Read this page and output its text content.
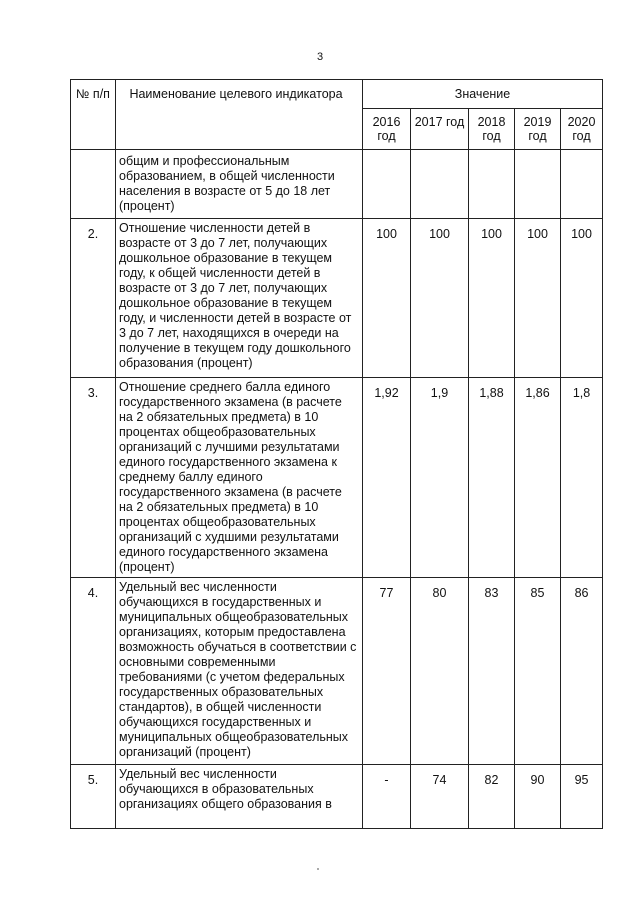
3
№ п/п	Наименование целевого индикатора	Значение				
		2016 год	2017 год	2018 год	2019 год	2020 год
	общим и профессиональным образованием, в общей численности населения в возрасте от 5 до 18 лет (процент)					
2.	Отношение численности детей в возрасте от 3 до 7 лет, получающих дошкольное образование в текущем году, к общей численности детей в возрасте от 3 до 7 лет, получающих дошкольное образование в текущем году, и численности детей в возрасте от 3 до 7 лет, находящихся в очереди на получение в текущем году дошкольного образования (процент)	100	100	100	100	100
3.	Отношение среднего балла единого государственного экзамена (в расчете на 2 обязательных предмета) в 10 процентах общеобразовательных организаций с лучшими результатами единого государственного экзамена к среднему баллу единого государственного экзамена (в расчете на 2 обязательных предмета) в 10 процентах общеобразовательных организаций с худшими результатами единого государственного экзамена (процент)	1,92	1,9	1,88	1,86	1,8
4.	Удельный вес численности обучающихся в государственных и муниципальных общеобразовательных организациях, которым предоставлена возможность обучаться в соответствии с основными современными требованиями (с учетом федеральных государственных образовательных стандартов), в общей численности обучающихся государственных и муниципальных общеобразовательных организаций (процент)	77	80	83	85	86
5.	Удельный вес численности обучающихся в образовательных организациях общего образования в	-	74	82	90	95
